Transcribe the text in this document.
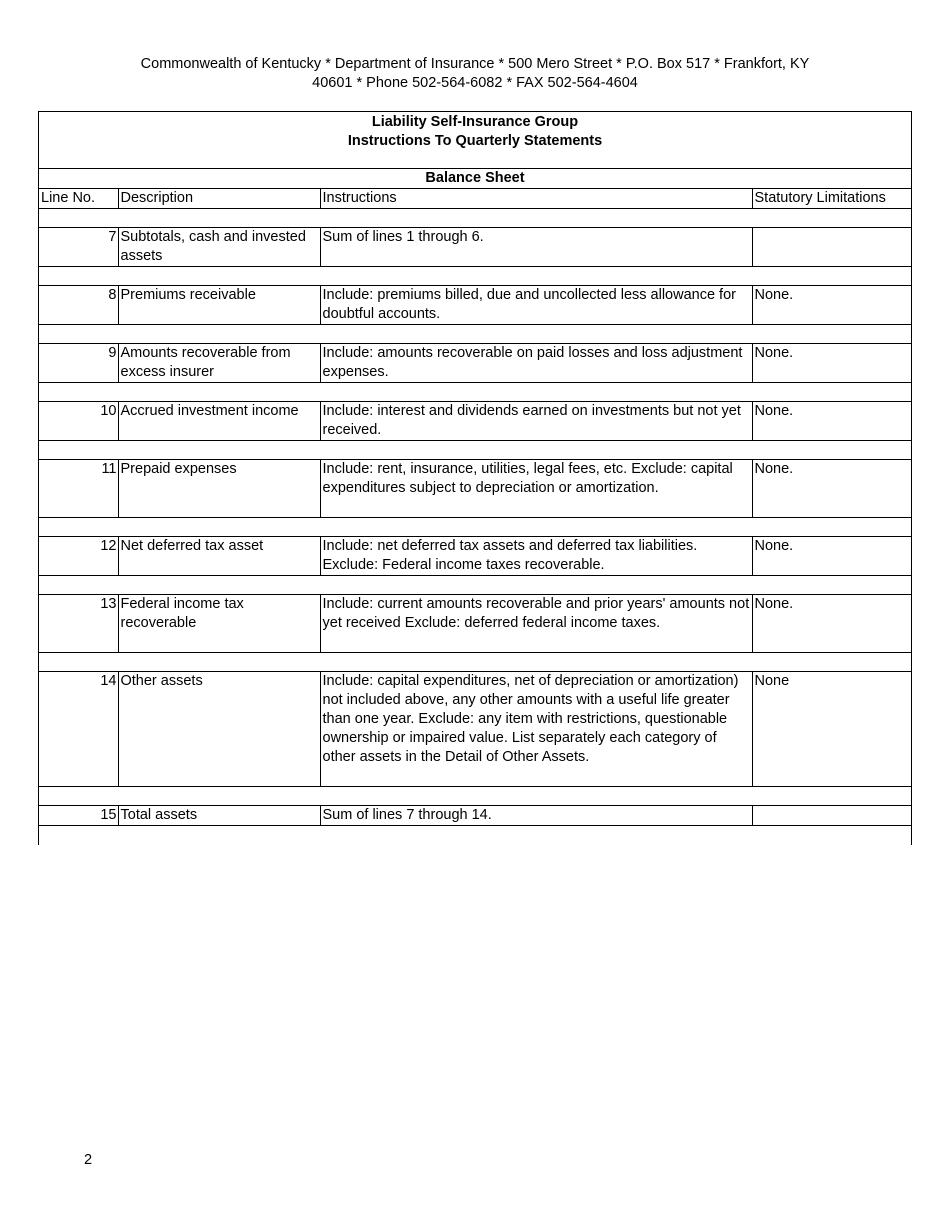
Commonwealth of Kentucky * Department of Insurance * 500 Mero Street * P.O. Box 517 * Frankfort, KY
40601 * Phone 502-564-6082 * FAX 502-564-4604
Liability Self-Insurance Group
Instructions To Quarterly Statements
Balance Sheet
Line No.	Description	Instructions	Statutory Limitations

7	Subtotals, cash and invested assets	Sum of lines 1 through 6.	

8	Premiums receivable	Include: premiums billed, due and uncollected less allowance for doubtful accounts.	None.

9	Amounts recoverable from excess insurer	Include: amounts recoverable on paid losses and loss adjustment expenses.	None.

10	Accrued investment income	Include: interest and dividends earned on investments but not yet received.	None.

11	Prepaid expenses	Include: rent, insurance, utilities, legal fees, etc. Exclude: capital expenditures subject to depreciation or amortization.	None.

12	Net deferred tax asset	Include: net deferred tax assets and deferred tax liabilities. Exclude: Federal income taxes recoverable.	None.

13	Federal income tax recoverable	Include: current amounts recoverable and prior years' amounts not yet received Exclude: deferred federal income taxes.	None.

14	Other assets	Include: capital expenditures, net of depreciation or amortization) not included above, any other amounts with a useful life greater than one year. Exclude: any item with restrictions, questionable ownership or impaired value. List separately each category of other assets in the Detail of Other Assets.	None

15	Total assets	Sum of lines 7 through 14.	
2
